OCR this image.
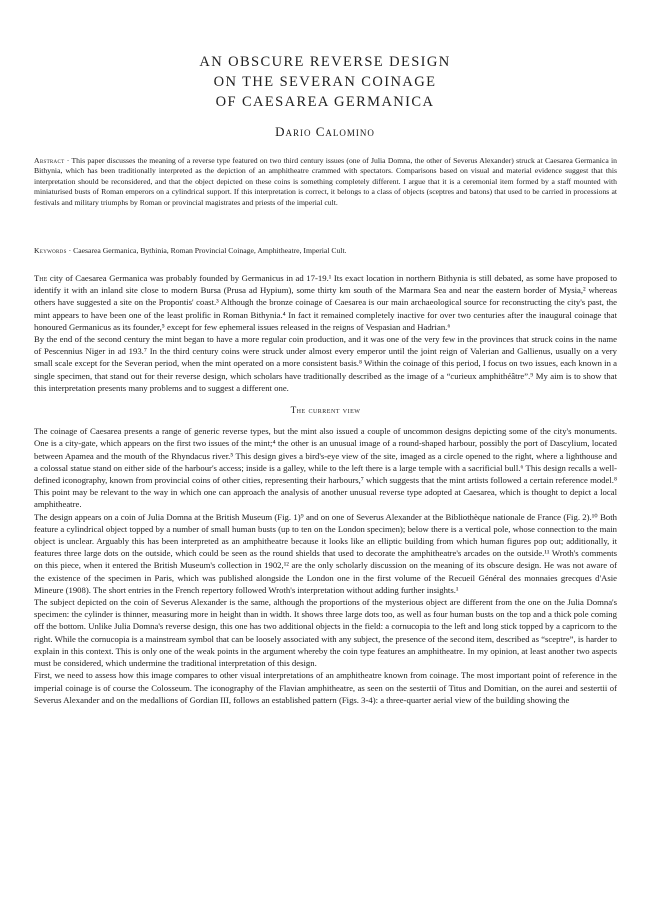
AN OBSCURE REVERSE DESIGN
ON THE SEVERAN COINAGE
OF CAESAREA GERMANICA
Dario Calomino
Abstract · This paper discusses the meaning of a reverse type featured on two third century issues (one of Julia Domna, the other of Severus Alexander) struck at Caesarea Germanica in Bithynia, which has been traditionally interpreted as the depiction of an amphitheatre crammed with spectators. Comparisons based on visual and material evidence suggest that this interpretation should be reconsidered, and that the object depicted on these coins is something completely different. I argue that it is a ceremonial item formed by a staff mounted with miniaturised busts of Roman emperors on a cylindrical support. If this interpretation is correct, it belongs to a class of objects (sceptres and batons) that used to be carried in processions at festivals and military triumphs by Roman or provincial magistrates and priests of the imperial cult.
Keywords · Caesarea Germanica, Bythinia, Roman Provincial Coinage, Amphitheatre, Imperial Cult.

The city of Caesarea Germanica was probably founded by Germanicus in ad 17-19.¹ Its exact location in northern Bithynia is still debated, as some have proposed to identify it with an inland site close to modern Bursa (Prusa ad Hypium), some thirty km south of the Marmara Sea and near the eastern border of Mysia,² whereas others have suggested a site on the Propontis' coast.³ Although the bronze coinage of Caesarea is our main archaeological source for reconstructing the city's past, the mint appears to have been one of the least prolific in Roman Bithynia.⁴ In fact it remained completely inactive for over two centuries after the inaugural coinage that honoured Germanicus as its founder,⁵ except for few ephemeral issues released in the reigns of Vespasian and Hadrian.⁶

By the end of the second century the mint began to have a more regular coin production, and it was one of the very few in the provinces that struck coins in the name of Pescennius Niger in ad 193.⁷ In the third century coins were struck under almost every emperor until the joint reign of Valerian and Gallienus, usually on a very small scale except for the Severan period, when the mint operated on a more consistent basis.⁸ Within the coinage of this period, I focus on two issues, each known in a single specimen, that stand out for their reverse design, which scholars have traditionally described as the image of a “curieux amphithéâtre”.⁹ My aim is to show that this interpretation presents many problems and to suggest a different one.

The current view

The coinage of Caesarea presents a range of generic reverse types, but the mint also issued a couple of uncommon designs depicting some of the city's monuments. One is a city-gate, which appears on the first two issues of the mint;⁴ the other is an unusual image of a round-shaped harbour, possibly the port of Dascylium, located between Apamea and the mouth of the Rhyndacus river.⁵ This design gives a bird's-eye view of the site, imaged as a circle opened to the right, where a lighthouse and a colossal statue stand on either side of the harbour's access; inside is a galley, while to the left there is a large temple with a sacrificial bull.⁶ This design recalls a well-defined iconography, known from provincial coins of other cities, representing their harbours,⁷ which suggests that the mint artists followed a certain reference model.⁸ This point may be relevant to the way in which one can approach the analysis of another unusual reverse type adopted at Caesarea, which is thought to depict a local amphitheatre.

The design appears on a coin of Julia Domna at the British Museum (Fig. 1)⁹ and on one of Severus Alexander at the Bibliothèque nationale de France (Fig. 2).¹⁰ Both feature a cylindrical object topped by a number of small human busts (up to ten on the London specimen); below there is a vertical pole, whose connection to the main object is unclear. Arguably this has been interpreted as an amphitheatre because it looks like an elliptic building from which human figures pop out; additionally, it features three large dots on the outside, which could be seen as the round shields that used to decorate the amphitheatre's arcades on the outside.¹¹ Wroth's comments on this piece, when it entered the British Museum's collection in 1902,¹² are the only scholarly discussion on the meaning of its obscure design. He was not aware of the existence of the specimen in Paris, which was published alongside the London one in the first volume of the Recueil Général des monnaies grecques d'Asie Mineure (1908). The short entries in the French repertory followed Wroth's interpretation without adding further insights.¹

The subject depicted on the coin of Severus Alexander is the same, although the proportions of the mysterious object are different from the one on the Julia Domna's specimen: the cylinder is thinner, measuring more in height than in width. It shows three large dots too, as well as four human busts on the top and a thick pole coming off the bottom. Unlike Julia Domna's reverse design, this one has two additional objects in the field: a cornucopia to the left and long stick topped by a capricorn to the right. While the cornucopia is a mainstream symbol that can be loosely associated with any subject, the presence of the second item, described as “sceptre”, is harder to explain in this context. This is only one of the weak points in the argument whereby the coin type features an amphitheatre. In my opinion, at least another two aspects must be considered, which undermine the traditional interpretation of this design.

First, we need to assess how this image compares to other visual interpretations of an amphitheatre known from coinage. The most important point of reference in the imperial coinage is of course the Colosseum. The iconography of the Flavian amphitheatre, as seen on the sestertii of Titus and Domitian, on the aurei and sestertii of Severus Alexander and on the medallions of Gordian III, follows an established pattern (Figs. 3-4): a three-quarter aerial view of the building showing the
